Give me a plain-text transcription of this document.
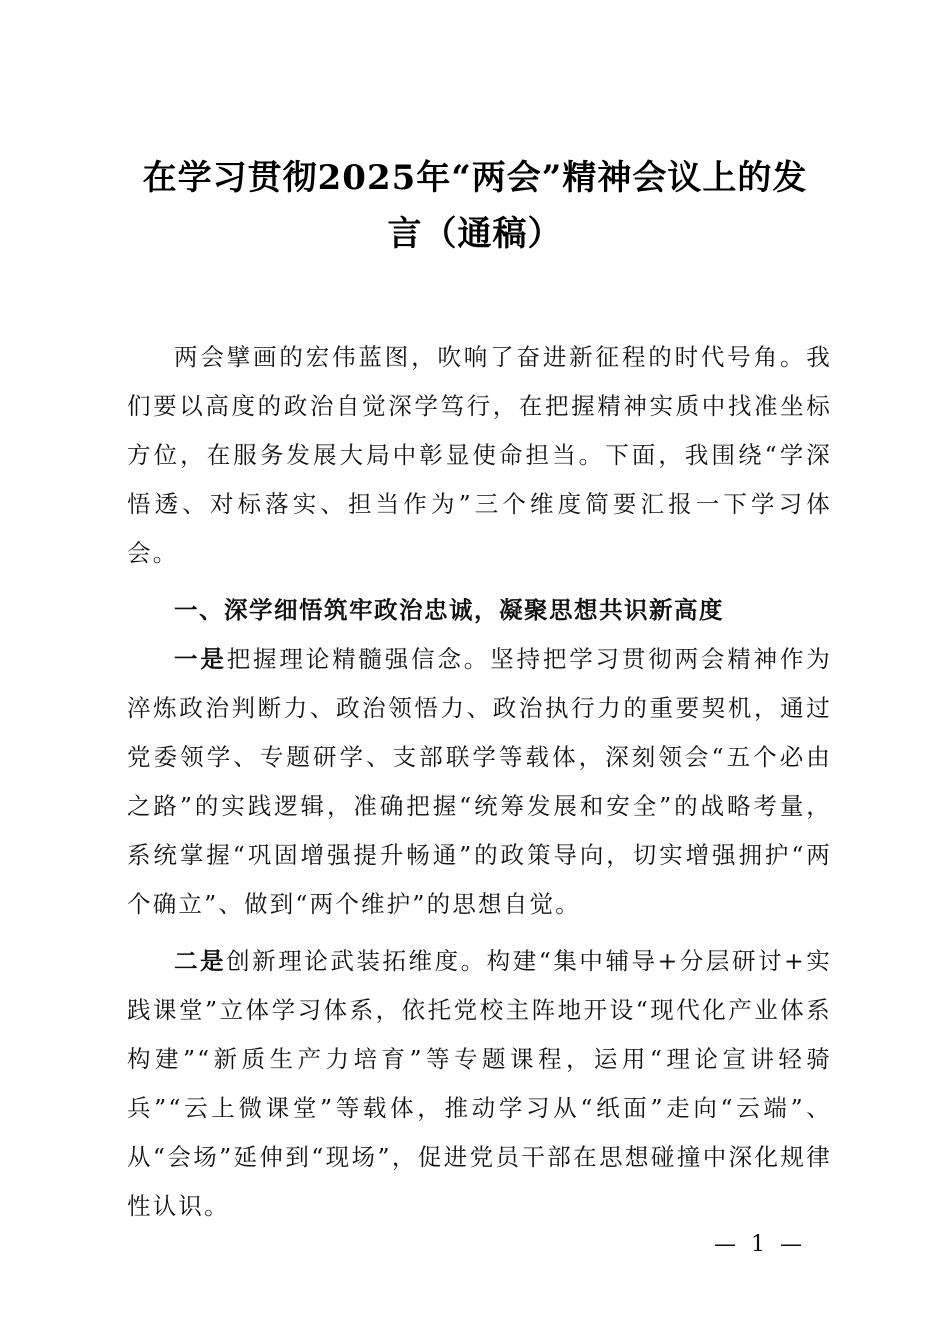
在学习贯彻2025年“两会”精神会议上的发
言（通稿）

两会擘画的宏伟蓝图，吹响了奋进新征程的时代号角。我们要以高度的政治自觉深学笃行，在把握精神实质中找准坐标方位，在服务发展大局中彰显使命担当。下面，我围绕“学深悟透、对标落实、担当作为”三个维度简要汇报一下学习体会。

一、深学细悟筑牢政治忠诚，凝聚思想共识新高度

一是把握理论精髓强信念。坚持把学习贯彻两会精神作为淬炼政治判断力、政治领悟力、政治执行力的重要契机，通过党委领学、专题研学、支部联学等载体，深刻领会“五个必由之路”的实践逻辑，准确把握“统筹发展和安全”的战略考量，系统掌握“巩固增强提升畅通”的政策导向，切实增强拥护“两个确立”、做到“两个维护”的思想自觉。

二是创新理论武装拓维度。构建“集中辅导+分层研讨+实践课堂”立体学习体系，依托党校主阵地开设“现代化产业体系构建”“新质生产力培育”等专题课程，运用“理论宣讲轻骑兵”“云上微课堂”等载体，推动学习从“纸面”走向“云端”、从“会场”延伸到“现场”，促进党员干部在思想碰撞中深化规律性认识。

— 1 —
